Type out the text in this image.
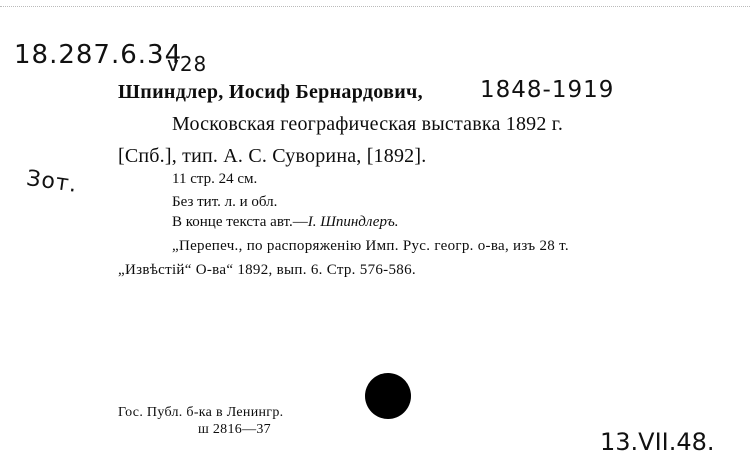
18.287.6.34
v28
Шпиндлер, Иосиф Бернардович, 1848-1919
Московская географическая выставка 1892 г.
[Спб.], тип. А. С. Суворина, [1892].
Зот.	11 стр. 24 см.
Без тит. л. и обл.
В конце текста авт.—I. Шпиндлеръ.
„Перепеч., по распоряженію Имп. Рус. геогр. о-ва, изъ 28 т.
„Извѣстій“ О-ва“ 1892, вып. 6. Стр. 576-586.
Гос. Публ. б-ка в Ленингр.
ш 2816—37	13.VII.48.
